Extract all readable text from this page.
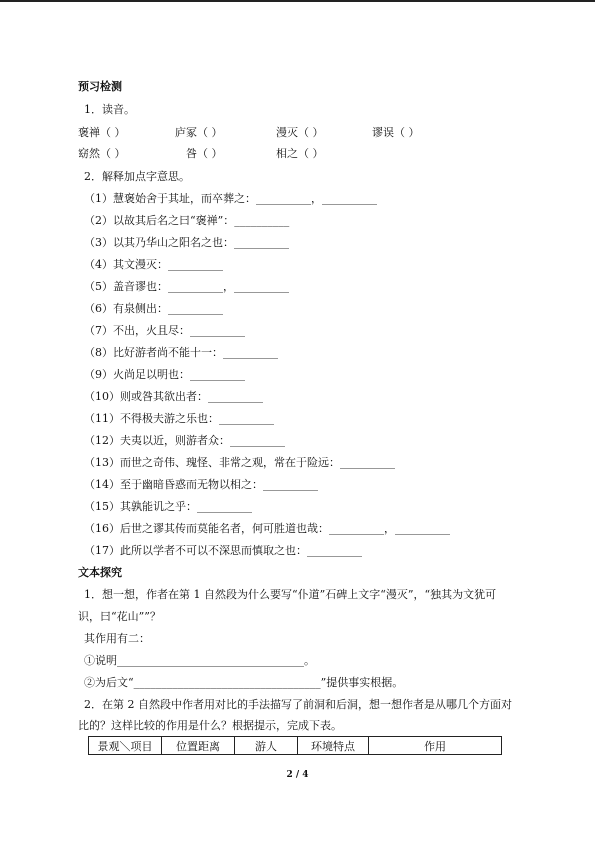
预习检测
1．读音。
褒禅（ ）	庐冢（ ）	漫灭（ ）	谬误（ ）
窈然（ ）	咎（ ）	相之（ ）
2．解释加点字意思。
（1）慧褒始舍于其址，而卒葬之：__________，__________
（2）以故其后名之曰“褒禅”：__________
（3）以其乃华山之阳名之也：__________
（4）其文漫灭：__________
（5）盖音谬也：__________，__________
（6）有泉侧出：__________
（7）不出，火且尽：__________
（8）比好游者尚不能十一：__________
（9）火尚足以明也：__________
（10）则或咎其欲出者：__________
（11）不得极夫游之乐也：__________
（12）夫夷以近，则游者众：__________
（13）而世之奇伟、瑰怪、非常之观，常在于险远：__________
（14）至于幽暗昏惑而无物以相之：__________
（15）其孰能讥之乎：__________
（16）后世之谬其传而莫能名者，何可胜道也哉：__________，__________
（17）此所以学者不可以不深思而慎取之也：__________
文本探究
1．想一想，作者在第 1 自然段为什么要写“仆道”石碑上文字“漫灭”，“独其为文犹可
识，曰“花山””？
其作用有二：
①说明__________________________________。
②为后文“__________________________________”提供事实根据。
2．在第 2 自然段中作者用对比的手法描写了前洞和后洞，想一想作者是从哪几个方面对
比的？这样比较的作用是什么？根据提示，完成下表。
景观＼项目	位置距离	游人	环境特点	作用
2 / 4
